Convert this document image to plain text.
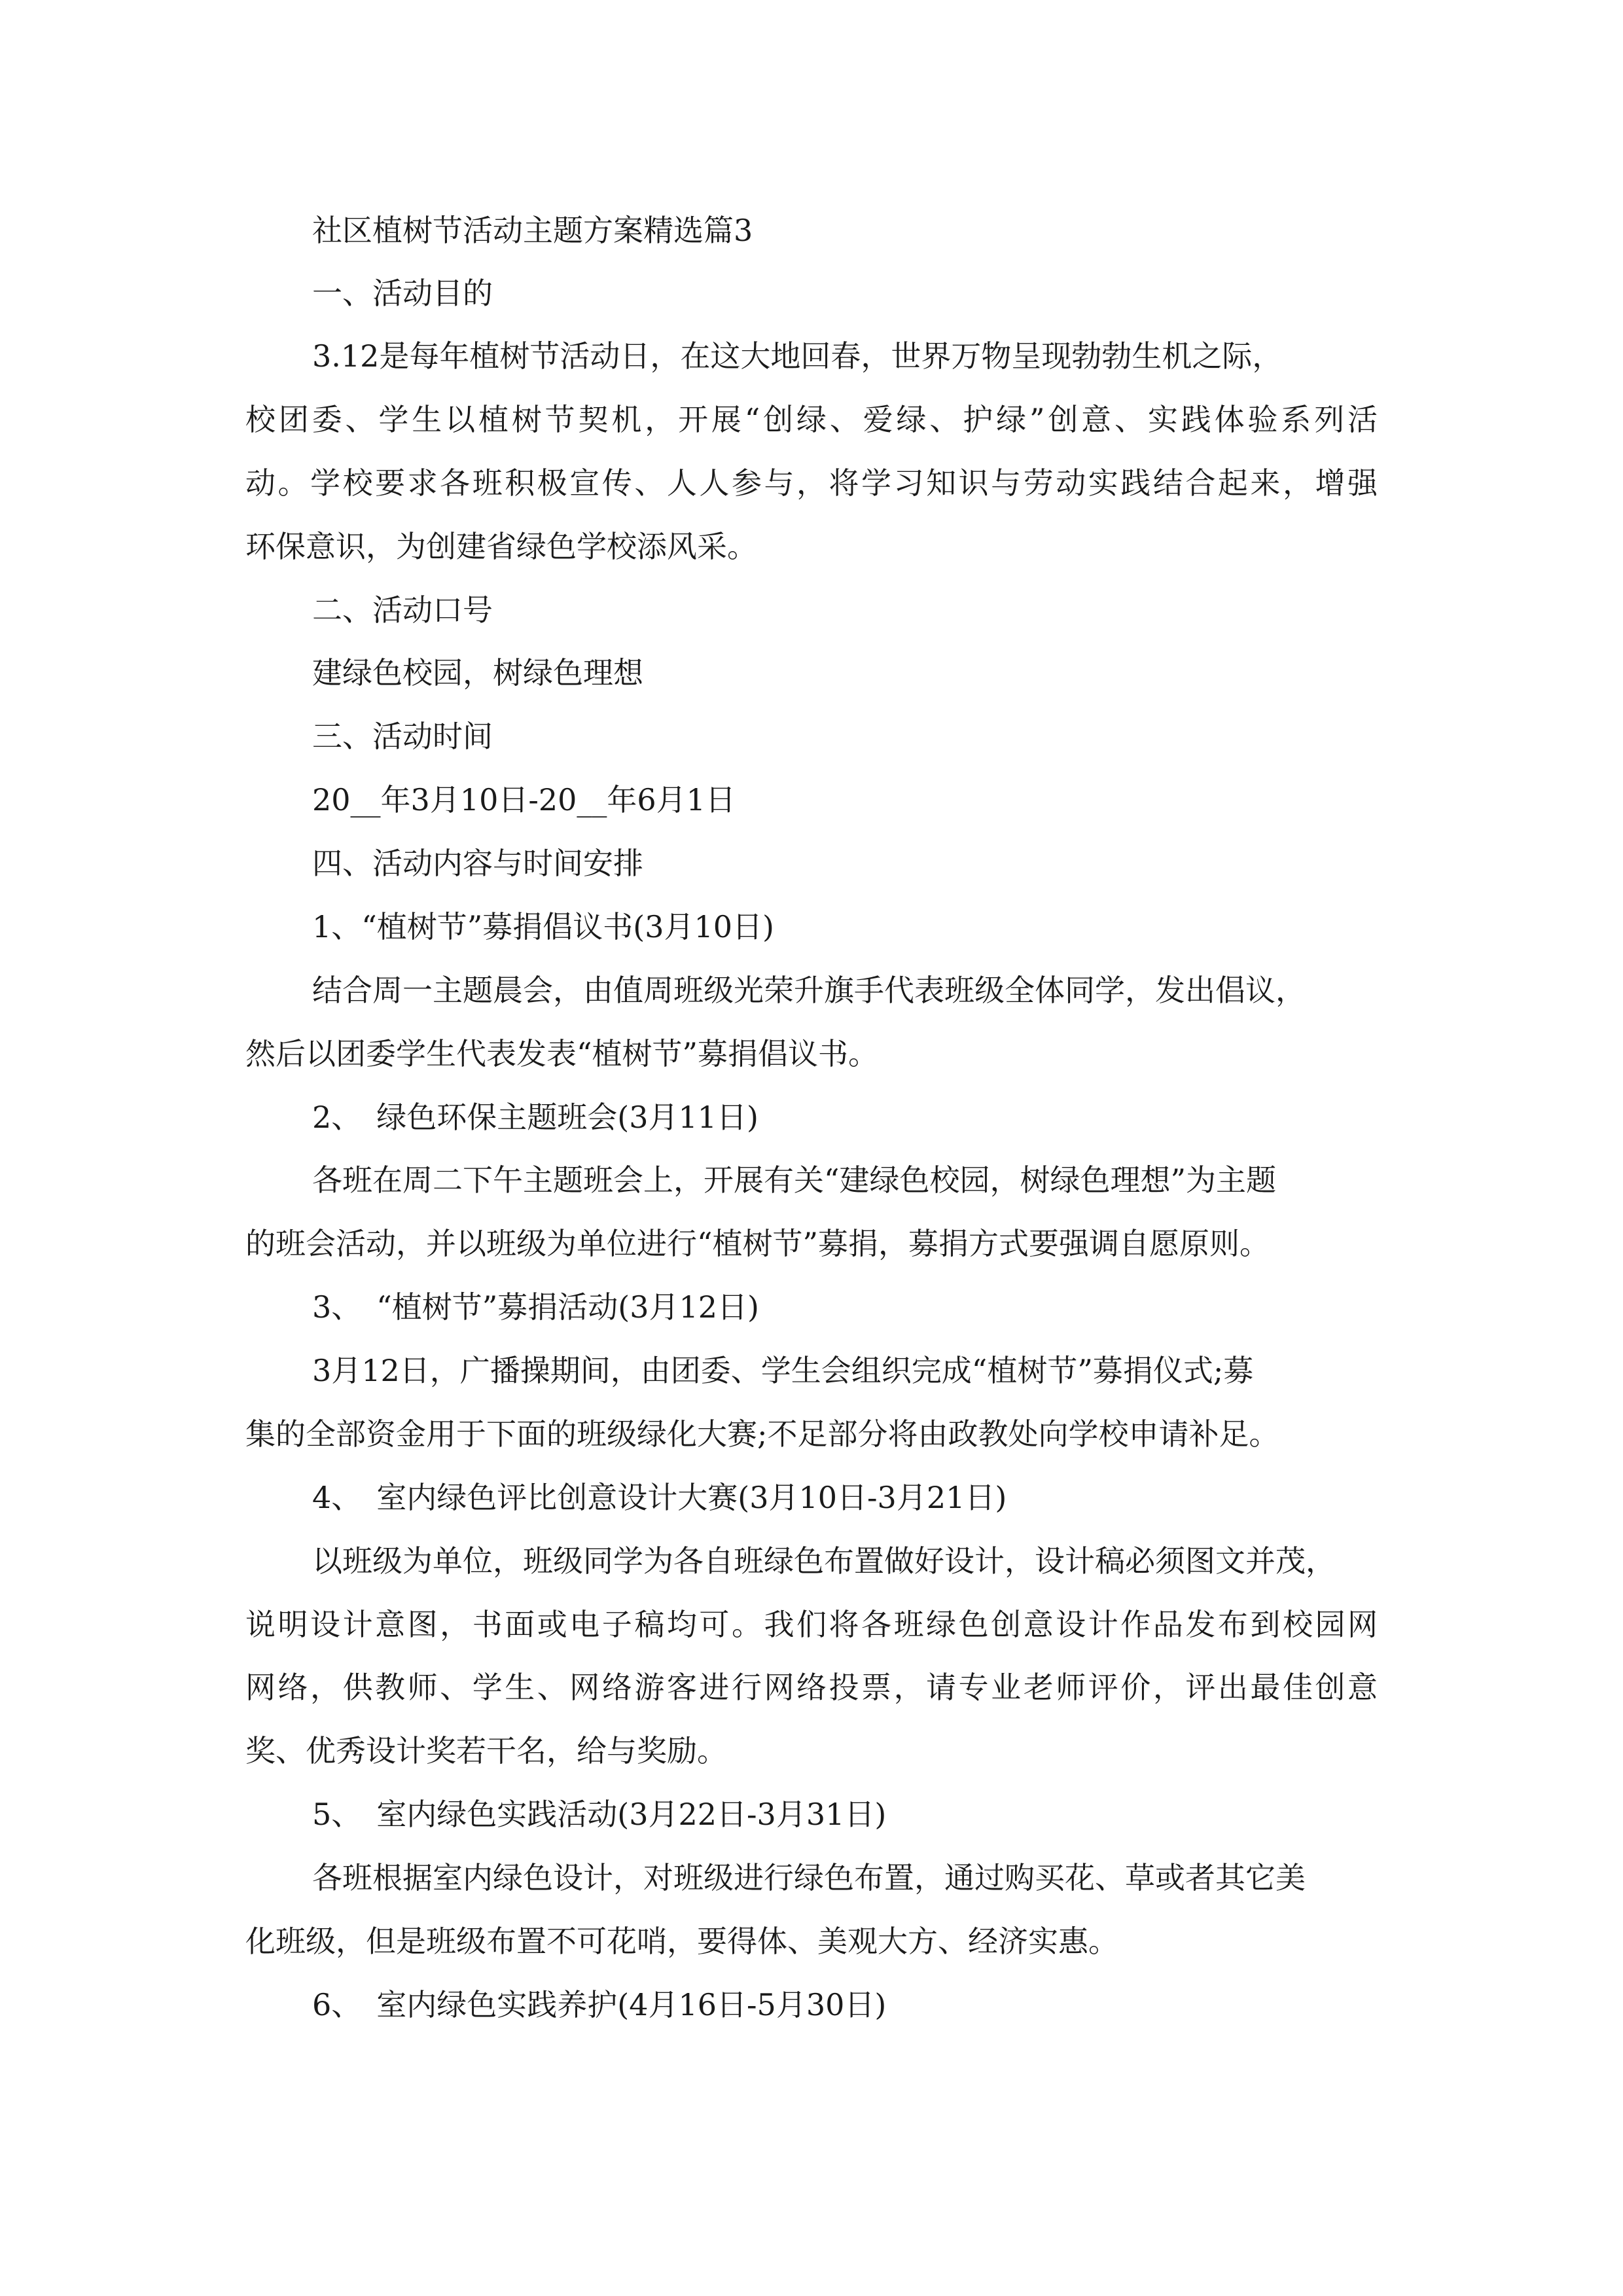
社区植树节活动主题方案精选篇3

一、活动目的

3.12是每年植树节活动日，在这大地回春，世界万物呈现勃勃生机之际，

校团委、学生以植树节契机，开展“创绿、爱绿、护绿”创意、实践体验系列活

动。学校要求各班积极宣传、人人参与，将学习知识与劳动实践结合起来，增强

环保意识，为创建省绿色学校添风采。

二、活动口号

建绿色校园，树绿色理想

三、活动时间

20__年3月10日-20__年6月1日

四、活动内容与时间安排

1、“植树节”募捐倡议书(3月10日)

结合周一主题晨会，由值周班级光荣升旗手代表班级全体同学，发出倡议，

然后以团委学生代表发表“植树节”募捐倡议书。

2、　绿色环保主题班会(3月11日)

各班在周二下午主题班会上，开展有关“建绿色校园，树绿色理想”为主题

的班会活动，并以班级为单位进行“植树节”募捐，募捐方式要强调自愿原则。

3、　“植树节”募捐活动(3月12日)

3月12日，广播操期间，由团委、学生会组织完成“植树节”募捐仪式;募

集的全部资金用于下面的班级绿化大赛;不足部分将由政教处向学校申请补足。

4、　室内绿色评比创意设计大赛(3月10日-3月21日)

以班级为单位，班级同学为各自班绿色布置做好设计，设计稿必须图文并茂，

说明设计意图，书面或电子稿均可。我们将各班绿色创意设计作品发布到校园网

网络，供教师、学生、网络游客进行网络投票，请专业老师评价，评出最佳创意

奖、优秀设计奖若干名，给与奖励。

5、　室内绿色实践活动(3月22日-3月31日)

各班根据室内绿色设计，对班级进行绿色布置，通过购买花、草或者其它美

化班级，但是班级布置不可花哨，要得体、美观大方、经济实惠。

6、　室内绿色实践养护(4月16日-5月30日)
